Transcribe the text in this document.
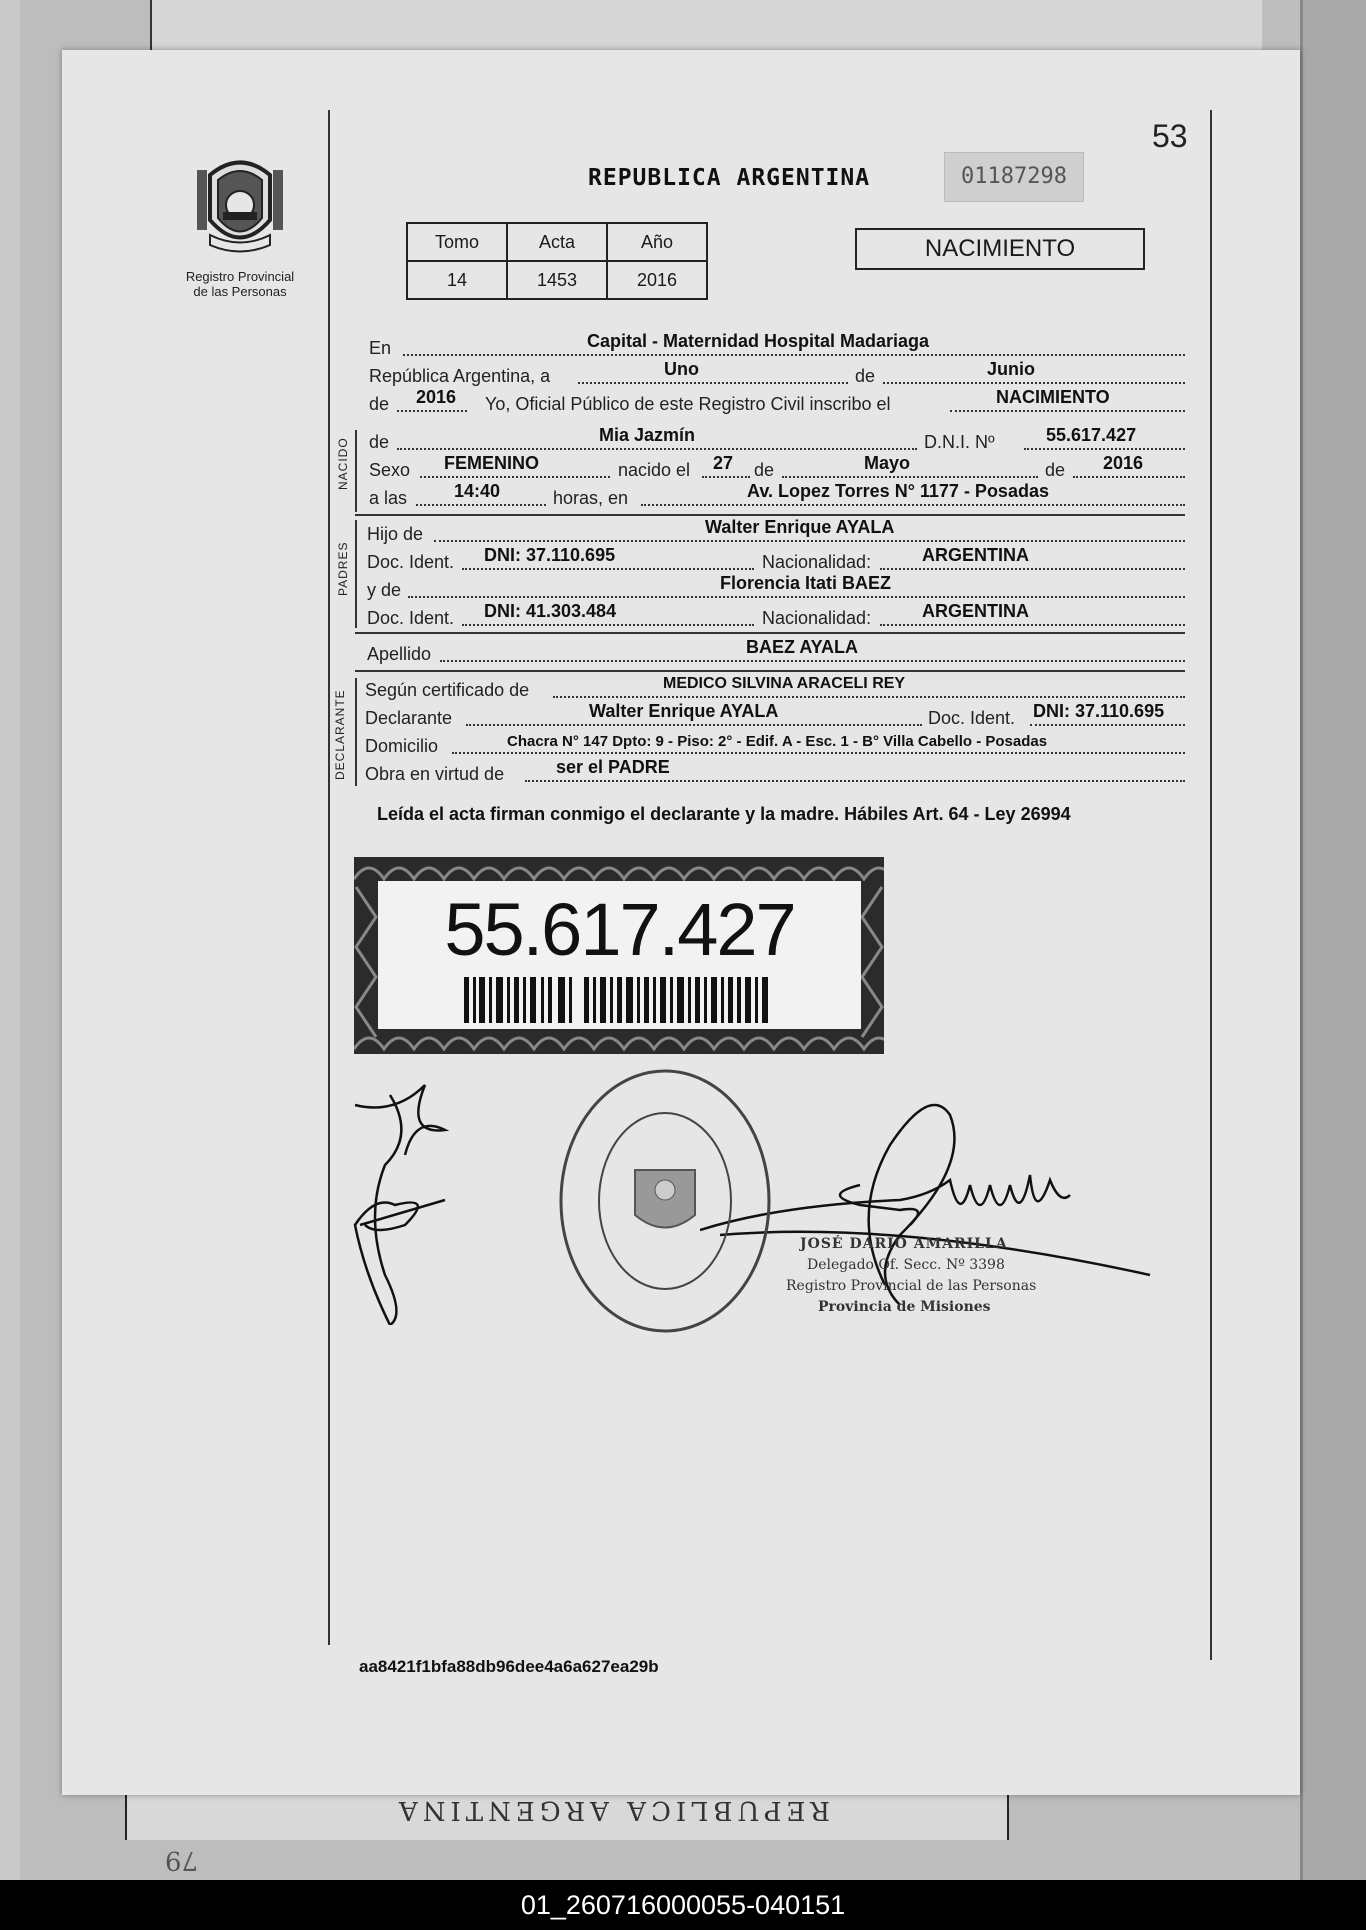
REPUBLICA ARGENTINA
79
53
Registro Provincial
de las Personas
REPUBLICA ARGENTINA	01187298
Tomo	Acta	Año
14	1453	2016
NACIMIENTO
En	Capital - Maternidad Hospital Madariaga
República Argentina, a	Uno	de	Junio
de 2016 Yo, Oficial Público de este Registro Civil inscribo el	NACIMIENTO
NACIDO de	Mia Jazmín	D.N.I. Nº	55.617.427
Sexo FEMENINO	nacido el 27 de	Mayo	de 2016
a las	14:40	horas, en	Av. Lopez Torres N° 1177 - Posadas
PADRES
Hijo de	Walter Enrique AYALA
Doc. Ident. DNI: 37.110.695	Nacionalidad:	ARGENTINA
y de	Florencia Itati BAEZ
Doc. Ident. DNI: 41.303.484	Nacionalidad:	ARGENTINA
Apellido	BAEZ AYALA
DECLARANTE Según certificado de	MEDICO SILVINA ARACELI REY
Declarante	Walter Enrique AYALA	Doc. Ident. DNI: 37.110.695
Domicilio	Chacra N° 147 Dpto: 9 - Piso: 2° - Edif. A - Esc. 1 - B° Villa Cabello - Posadas
Obra en virtud de	ser el PADRE
Leída el acta firman conmigo el declarante y la madre. Hábiles Art. 64 - Ley 26994
55.617.427
JOSÉ DARIO AMARILLA
Delegado Of. Secc. Nº 3398
Registro Provincial de las Personas
Provincia de Misiones
aa8421f1bfa88db96dee4a6a627ea29b
01_260716000055-040151
